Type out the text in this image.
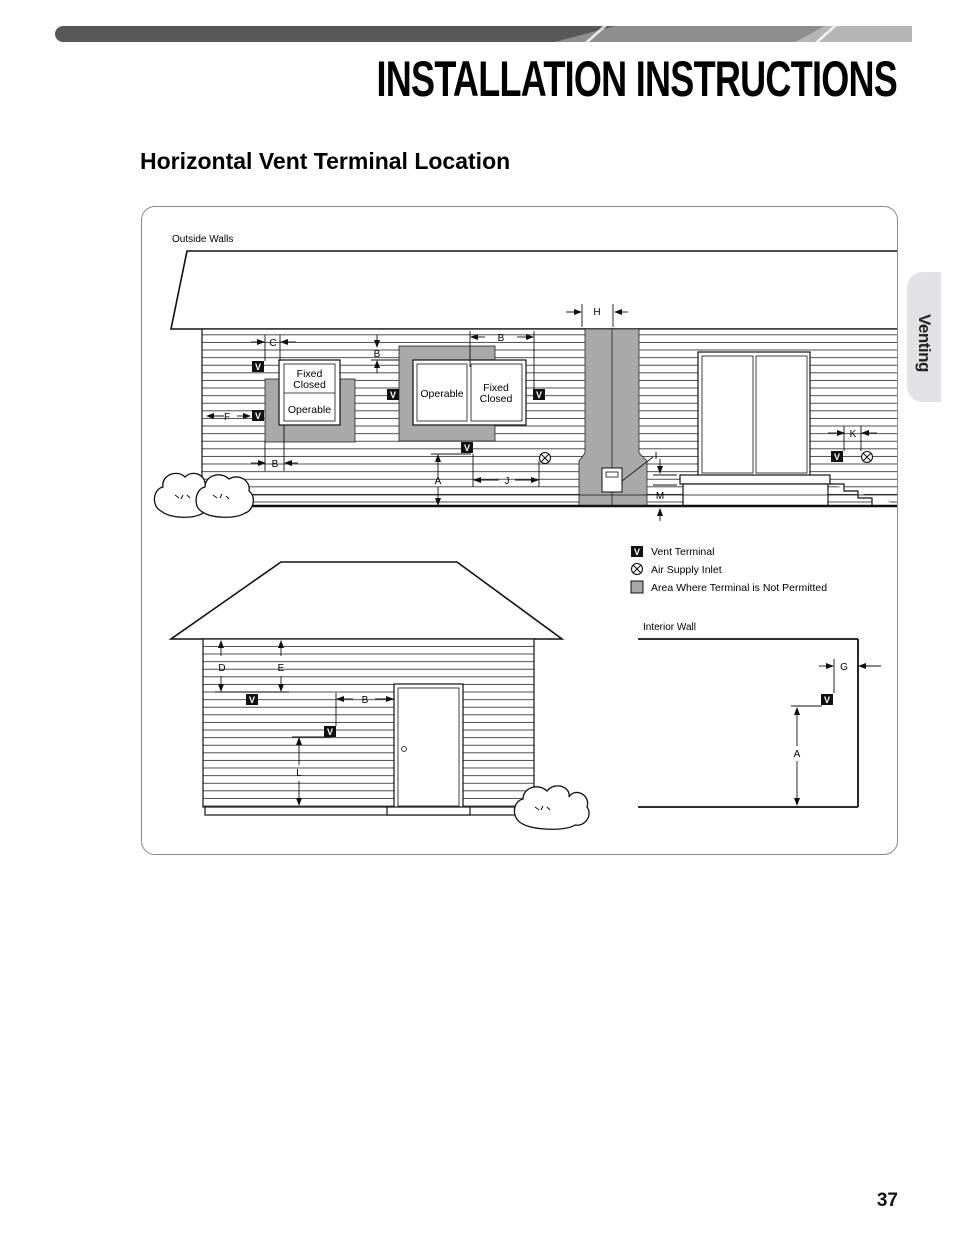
INSTALLATION INSTRUCTIONS
Horizontal Vent Terminal Location
Venting
Outside Walls
Fixed
Closed
Operable
Operable Fixed
Closed
V
V
V	V
V
V
C
F
B
B
B
A	J
H
I
M
K
V Vent Terminal
Air Supply Inlet
Area Where Terminal is Not Permitted
V
V
D	E
B
L
Interior Wall
V
G
A
37
